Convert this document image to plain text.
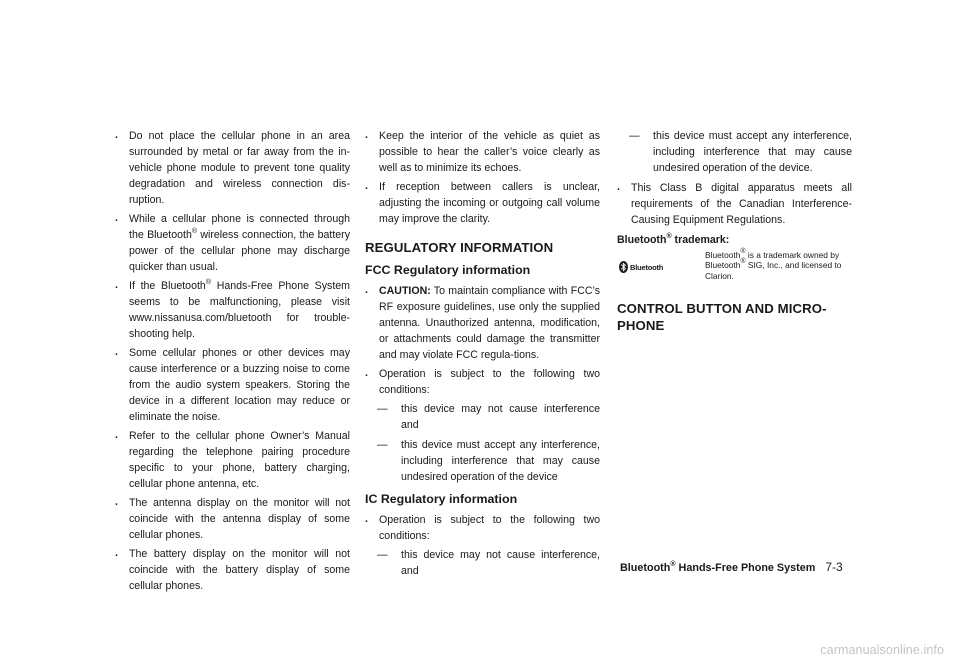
. Do not place the cellular phone in an area surrounded by metal or far away from the in-vehicle phone module to prevent tone quality degradation and wireless connection dis-ruption.
. While a cellular phone is connected through the Bluetooth® wireless connection, the battery power of the cellular phone may discharge quicker than usual.
. If the Bluetooth® Hands-Free Phone System seems to be malfunctioning, please visit www.nissanusa.com/bluetooth for trouble-shooting help.
. Some cellular phones or other devices may cause interference or a buzzing noise to come from the audio system speakers. Storing the device in a different location may reduce or eliminate the noise.
. Refer to the cellular phone Owner’s Manual regarding the telephone pairing procedure specific to your phone, battery charging, cellular phone antenna, etc.
. The antenna display on the monitor will not coincide with the antenna display of some cellular phones.
. The battery display on the monitor will not coincide with the battery display of some cellular phones.
. Keep the interior of the vehicle as quiet as possible to hear the caller’s voice clearly as well as to minimize its echoes.
. If reception between callers is unclear, adjusting the incoming or outgoing call volume may improve the clarity.
REGULATORY INFORMATION
FCC Regulatory information
. CAUTION: To maintain compliance with FCC’s RF exposure guidelines, use only the supplied antenna. Unauthorized antenna, modification, or attachments could damage the transmitter and may violate FCC regula-tions.
. Operation is subject to the following two conditions:
— this device may not cause interference and
— this device must accept any interference, including interference that may cause undesired operation of the device
IC Regulatory information
. Operation is subject to the following two conditions:
— this device may not cause interference, and
— this device must accept any interference, including interference that may cause undesired operation of the device.
. This Class B digital apparatus meets all requirements of the Canadian Interference-Causing Equipment Regulations.
Bluetooth® trademark:
Bluetooth
Bluetooth® is a trademark owned by Bluetooth® SIG, Inc., and licensed to Clarion.
CONTROL BUTTON AND MICRO-PHONE
Bluetooth® Hands-Free Phone System 7-3
carmanualsonline.info
